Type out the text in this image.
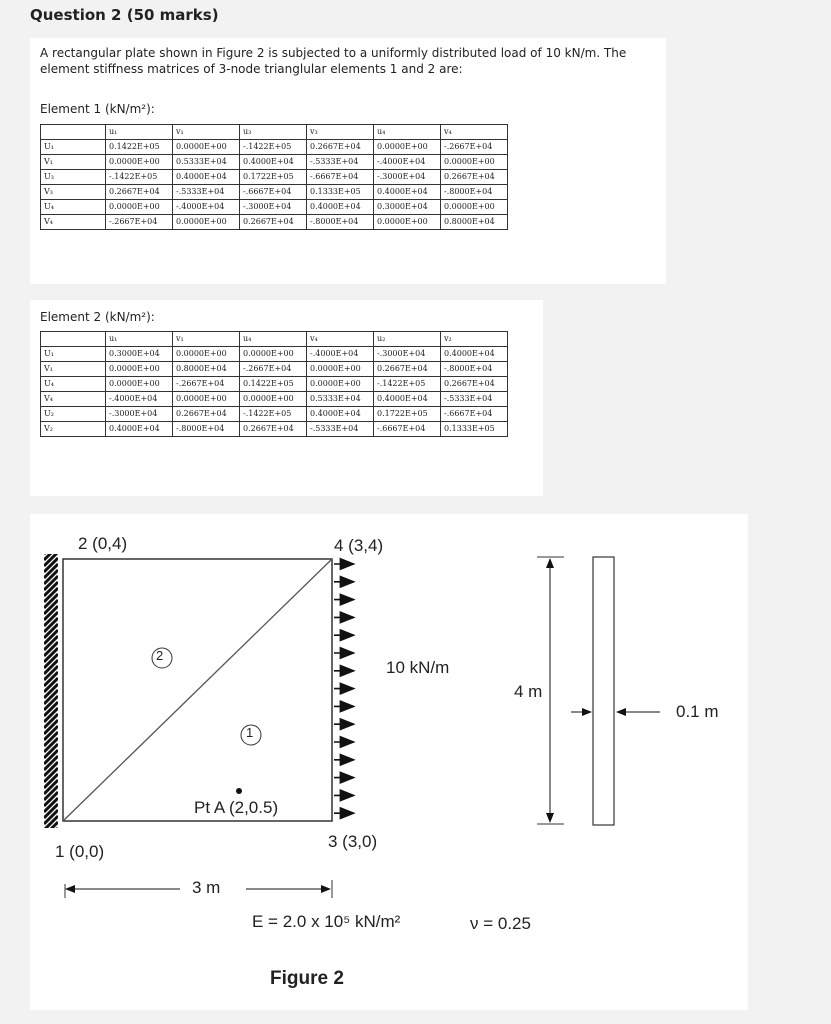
Question 2 (50 marks)
A rectangular plate shown in Figure 2 is subjected to a uniformly distributed load of 10 kN/m. The element stiffness matrices of 3-node trianglular elements 1 and 2 are:
Element 1 (kN/m²):
	u₁	v₁	u₃	v₃	u₄	v₄
U₁	0.1422E+05	0.0000E+00	-.1422E+05	0.2667E+04	0.0000E+00	-.2667E+04
V₁	0.0000E+00	0.5333E+04	0.4000E+04	-.5333E+04	-.4000E+04	0.0000E+00
U₃	-.1422E+05	0.4000E+04	0.1722E+05	-.6667E+04	-.3000E+04	0.2667E+04
V₃	0.2667E+04	-.5333E+04	-.6667E+04	0.1333E+05	0.4000E+04	-.8000E+04
U₄	0.0000E+00	-.4000E+04	-.3000E+04	0.4000E+04	0.3000E+04	0.0000E+00
V₄	-.2667E+04	0.0000E+00	0.2667E+04	-.8000E+04	0.0000E+00	0.8000E+04
Element 2 (kN/m²):
	u₁	v₁	u₄	v₄	u₂	v₂
U₁	0.3000E+04	0.0000E+00	0.0000E+00	-.4000E+04	-.3000E+04	0.4000E+04
V₁	0.0000E+00	0.8000E+04	-.2667E+04	0.0000E+00	0.2667E+04	-.8000E+04
U₄	0.0000E+00	-.2667E+04	0.1422E+05	0.0000E+00	-.1422E+05	0.2667E+04
V₄	-.4000E+04	0.0000E+00	0.0000E+00	0.5333E+04	0.4000E+04	-.5333E+04
U₂	-.3000E+04	0.2667E+04	-.1422E+05	0.4000E+04	0.1722E+05	-.6667E+04
V₂	0.4000E+04	-.8000E+04	0.2667E+04	-.5333E+04	-.6667E+04	0.1333E+05
2 (0,4)	4 (3,4)
1 (0,0)
3 (3,0)
2
1
Pt A (2,0.5)
10 kN/m
3 m
4 m
0.1 m
E = 2.0 x 10⁵ kN/m²	ν = 0.25
Figure 2
